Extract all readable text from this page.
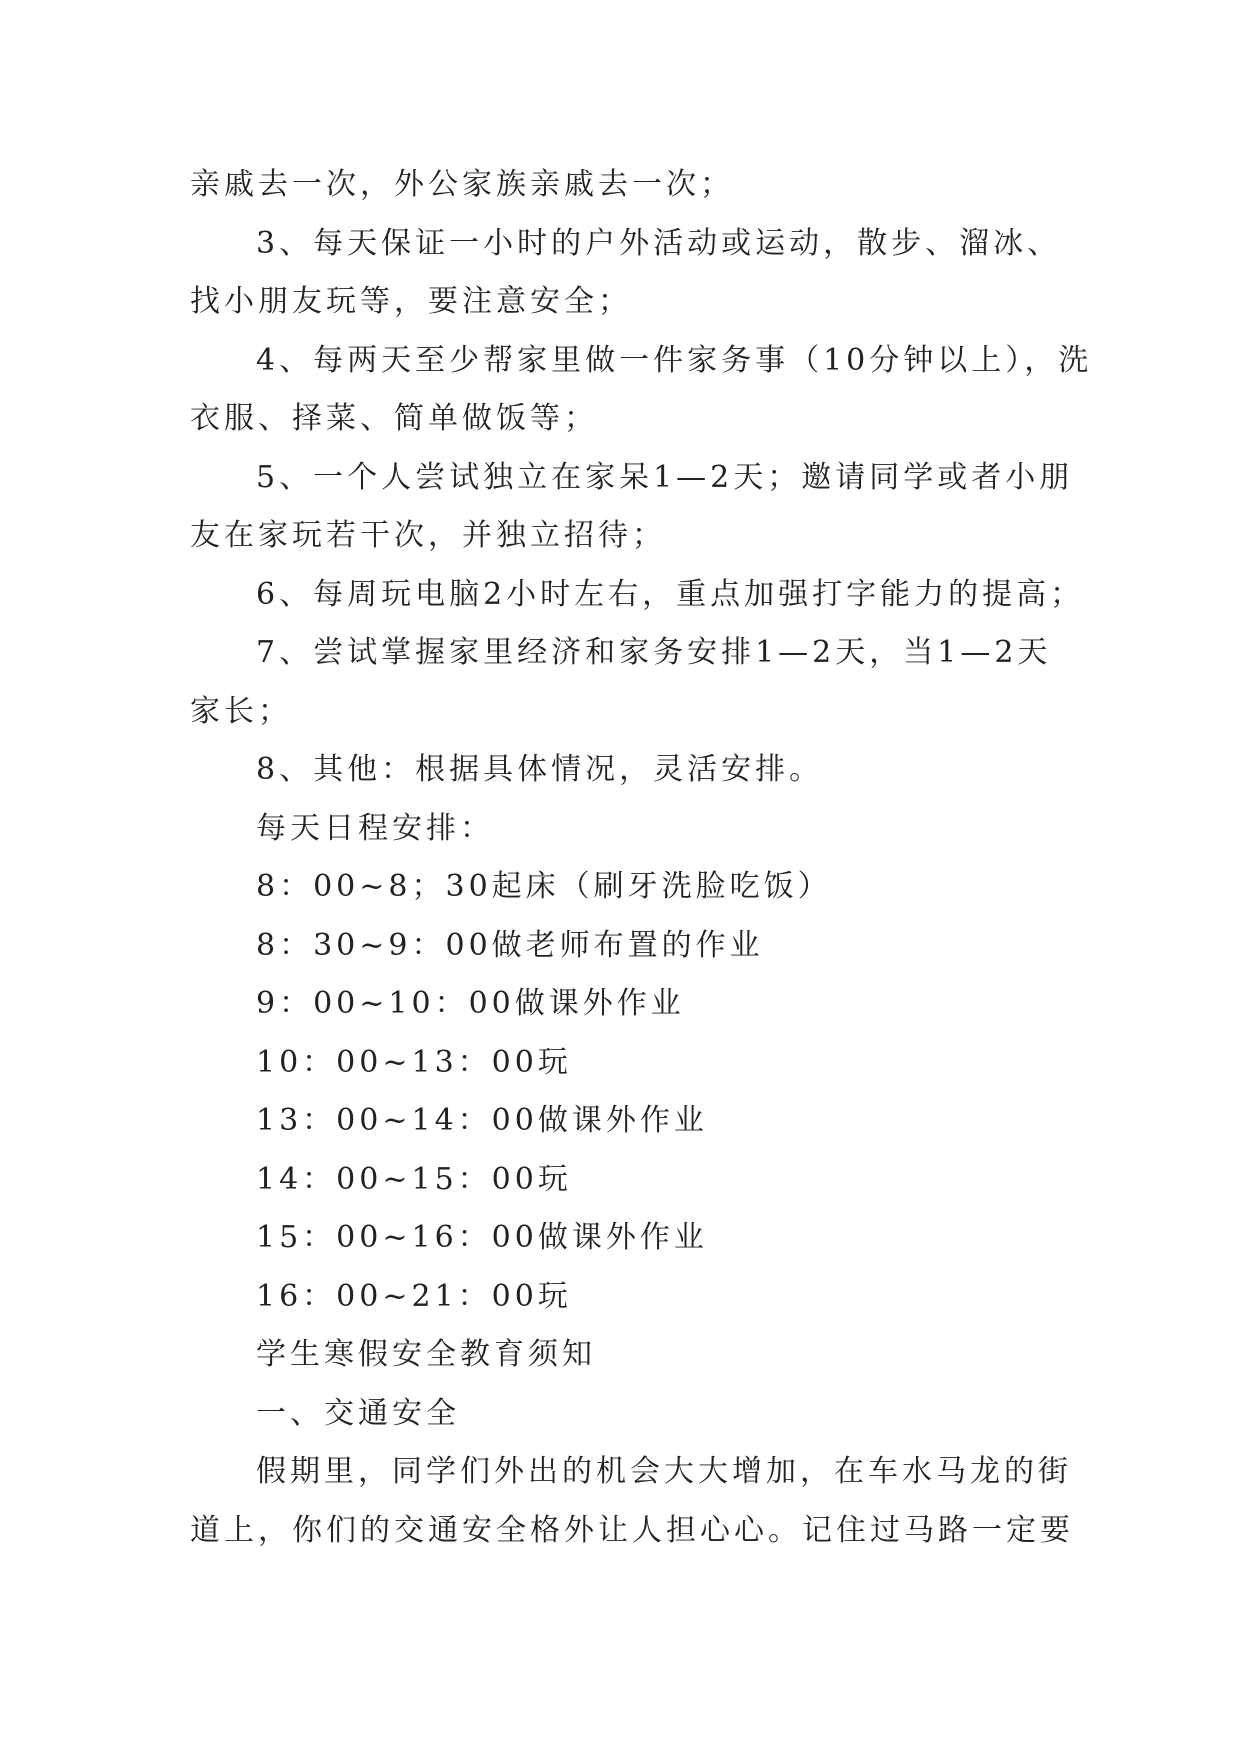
亲戚去一次，外公家族亲戚去一次；

3、每天保证一小时的户外活动或运动，散步、溜冰、

找小朋友玩等，要注意安全；

4、每两天至少帮家里做一件家务事（10分钟以上），洗

衣服、择菜、简单做饭等；

5、一个人尝试独立在家呆1—2天；邀请同学或者小朋

友在家玩若干次，并独立招待；

6、每周玩电脑2小时左右，重点加强打字能力的提高；

7、尝试掌握家里经济和家务安排1—2天，当1—2天

家长；

8、其他：根据具体情况，灵活安排。

每天日程安排：

8：00~8；30起床（刷牙洗脸吃饭）

8：30~9：00做老师布置的作业

9：00~10：00做课外作业

10：00~13：00玩

13：00~14：00做课外作业

14：00~15：00玩

15：00~16：00做课外作业

16：00~21：00玩

学生寒假安全教育须知

一、交通安全

假期里，同学们外出的机会大大增加，在车水马龙的街

道上，你们的交通安全格外让人担心心。记住过马路一定要
